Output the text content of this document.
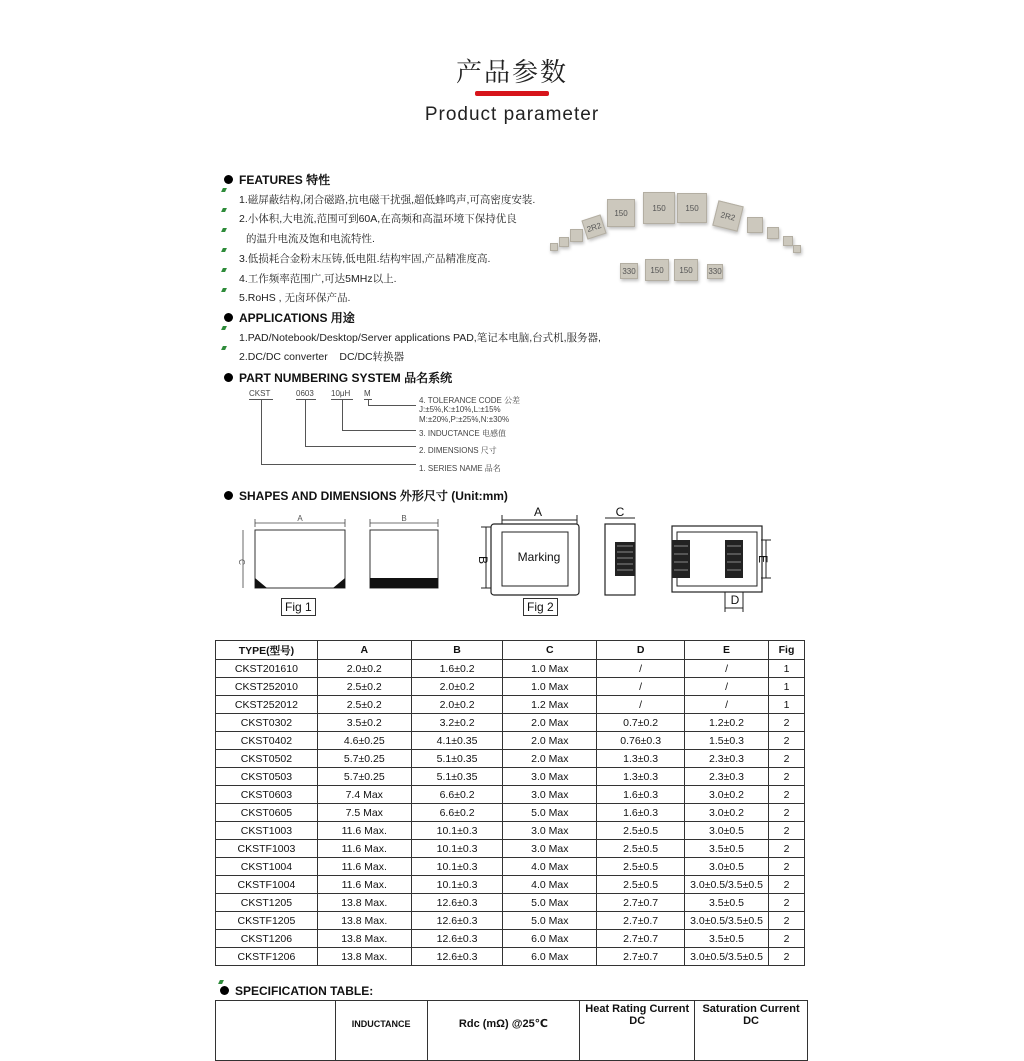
产品参数
Product parameter
FEATURES 特性
1.磁屏蔽结构,闭合磁路,抗电磁干扰强,超低蜂鸣声,可高密度安装.
2.小体积,大电流,范围可到60A,在高频和高温环境下保持优良
的温升电流及饱和电流特性.
3.低损耗合金粉末压铸,低电阻.结构牢固,产品精准度高.
4.工作频率范围广,可达5MHz以上.
5.RoHS , 无卤环保产品.
2R2
150
150 150
2R2
330 150 150 330
APPLICATIONS 用途
1.PAD/Notebook/Desktop/Server applications PAD,笔记本电脑,台式机,服务器,
2.DC/DC converter    DC/DC转换器
PART NUMBERING SYSTEM 品名系统
CKST	0603 10μH M
4. TOLERANCE CODE 公差
J:±5%,K:±10%,L:±15%
M:±20%,P:±25%,N:±30%
3. INDUCTANCE 电感值
2. DIMENSIONS 尺寸
1. SERIES NAME 品名
SHAPES AND DIMENSIONS 外形尺寸 (Unit:mm)
A
C
B	A
B Marking
C
E
D
Fig 1	Fig 2
TYPE(型号)	A	B	C	D	E	Fig
CKST201610	2.0±0.2	1.6±0.2	1.0 Max	/	/	1
CKST252010	2.5±0.2	2.0±0.2	1.0 Max	/	/	1
CKST252012	2.5±0.2	2.0±0.2	1.2 Max	/	/	1
CKST0302	3.5±0.2	3.2±0.2	2.0 Max	0.7±0.2	1.2±0.2	2
CKST0402	4.6±0.25	4.1±0.35	2.0 Max	0.76±0.3	1.5±0.3	2
CKST0502	5.7±0.25	5.1±0.35	2.0 Max	1.3±0.3	2.3±0.3	2
CKST0503	5.7±0.25	5.1±0.35	3.0 Max	1.3±0.3	2.3±0.3	2
CKST0603	7.4 Max	6.6±0.2	3.0 Max	1.6±0.3	3.0±0.2	2
CKST0605	7.5 Max	6.6±0.2	5.0 Max	1.6±0.3	3.0±0.2	2
CKST1003	11.6 Max.	10.1±0.3	3.0 Max	2.5±0.5	3.0±0.5	2
CKSTF1003	11.6 Max.	10.1±0.3	3.0 Max	2.5±0.5	3.5±0.5	2
CKST1004	11.6 Max.	10.1±0.3	4.0 Max	2.5±0.5	3.0±0.5	2
CKSTF1004	11.6 Max.	10.1±0.3	4.0 Max	2.5±0.5	3.0±0.5/3.5±0.5	2
CKST1205	13.8 Max.	12.6±0.3	5.0 Max	2.7±0.7	3.5±0.5	2
CKSTF1205	13.8 Max.	12.6±0.3	5.0 Max	2.7±0.7	3.0±0.5/3.5±0.5	2
CKST1206	13.8 Max.	12.6±0.3	6.0 Max	2.7±0.7	3.5±0.5	2
CKSTF1206	13.8 Max.	12.6±0.3	6.0 Max	2.7±0.7	3.0±0.5/3.5±0.5	2
SPECIFICATION TABLE:
	INDUCTANCE	Rdc (mΩ) @25℃	Heat Rating Current DC	Saturation Current DC
